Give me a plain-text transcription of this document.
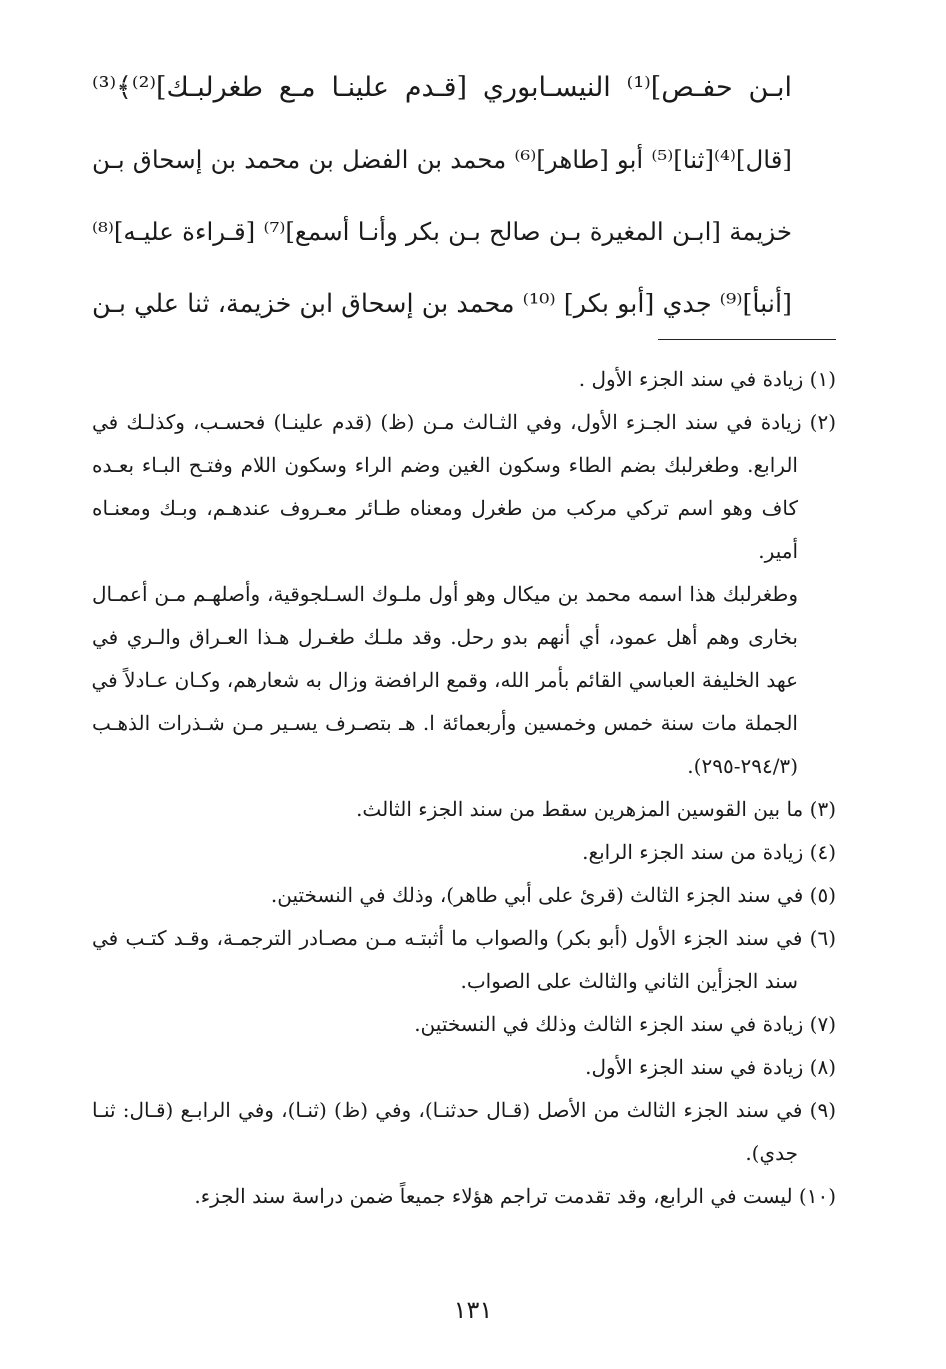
ابـن حفـص]⁽¹⁾ النيسـابوري [قـدم علينـا مـع طغرلبـك]⁽²⁾﴾⁽³⁾
[قال]⁽⁴⁾[ثنا]⁽⁵⁾ أبو [طاهر]⁽⁶⁾ محمد بن الفضل بن محمد بن إسحاق بـن
خزيمة [ابـن المغيرة بـن صالح بـن بكر وأنـا أسمع]⁽⁷⁾ [قـراءة عليـه]⁽⁸⁾
[أنبأ]⁽⁹⁾ جدي [أبو بكر] ⁽¹⁰⁾ محمد بن إسحاق ابن خزيمة، ثنا علي بـن
(١) زيادة في سند الجزء الأول .
(٢) زيادة في سند الجـزء الأول، وفي الثـالث مـن (ظ) (قدم علينـا) فحسـب، وكذلـك في
الرابع. وطغرلبك بضم الطاء وسكون الغين وضم الراء وسكون اللام وفتـح البـاء بعـده
كاف وهو اسم تركي مركب من طغرل ومعناه طـائر معـروف عندهـم، وبـك ومعنـاه
أمير.
وطغرلبك هذا اسمه محمد بن ميكال وهو أول ملـوك السـلجوقية، وأصلهـم مـن أعمـال
بخارى وهم أهل عمود، أي أنهم بدو رحل. وقد ملـك طغـرل هـذا العـراق والـري في
عهد الخليفة العباسي القائم بأمر الله، وقمع الرافضة وزال به شعارهم، وكـان عـادلاً في
الجملة مات سنة خمس وخمسين وأربعمائة ا. هـ بتصـرف يسـير مـن شـذرات الذهـب
(٢٩٤/٣-٢٩٥).
(٣) ما بين القوسين المزهرين سقط من سند الجزء الثالث.
(٤) زيادة من سند الجزء الرابع.
(٥) في سند الجزء الثالث (قرئ على أبي طاهر)، وذلك في النسختين.
(٦) في سند الجزء الأول (أبو بكر) والصواب ما أثبتـه مـن مصـادر الترجمـة، وقـد كتـب في
سند الجزأين الثاني والثالث على الصواب.
(٧) زيادة في سند الجزء الثالث وذلك في النسختين.
(٨) زيادة في سند الجزء الأول.
(٩) في سند الجزء الثالث من الأصل (قـال حدثنـا)، وفي (ظ) (ثنـا)، وفي الرابـع (قـال: ثنـا
جدي).
(١٠) ليست في الرابع، وقد تقدمت تراجم هؤلاء جميعاً ضمن دراسة سند الجزء.
١٣١
